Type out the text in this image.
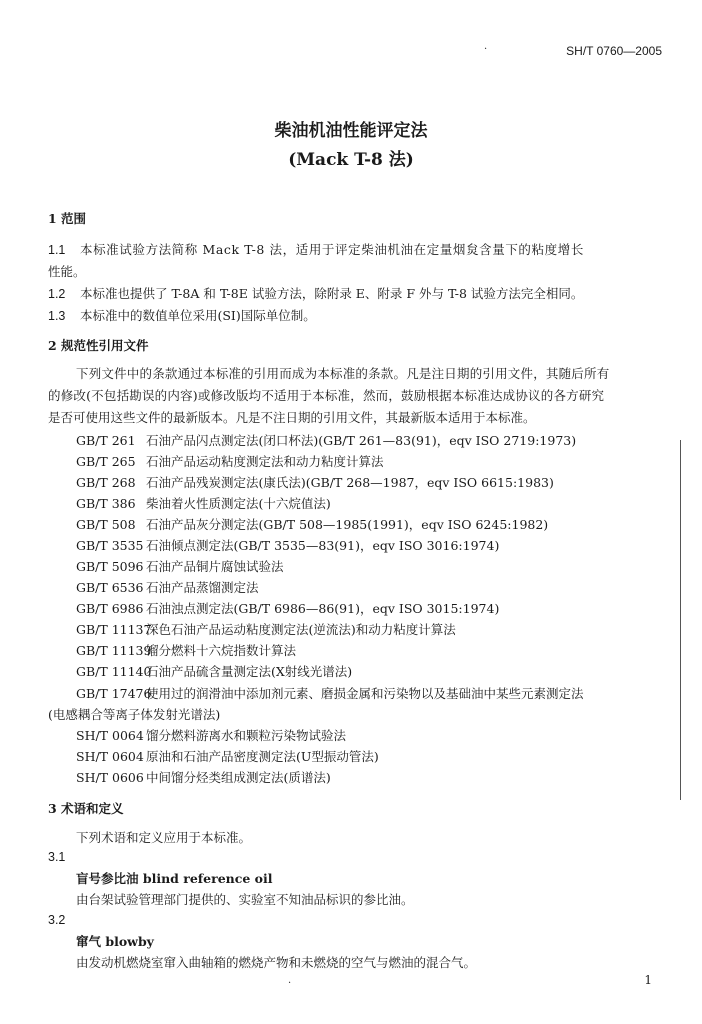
·	SH/T 0760—2005
柴油机油性能评定法
(Mack T-8 法)
1 范围
1.1 本标准试验方法简称 Mack T-8 法，适用于评定柴油机油在定量烟炱含量下的粘度增长
性能。
1.2 本标准也提供了 T-8A 和 T-8E 试验方法，除附录 E、附录 F 外与 T-8 试验方法完全相同。
1.3 本标准中的数值单位采用(SI)国际单位制。
2 规范性引用文件
下列文件中的条款通过本标准的引用而成为本标准的条款。凡是注日期的引用文件，其随后所有
的修改(不包括勘误的内容)或修改版均不适用于本标准，然而，鼓励根据本标准达成协议的各方研究
是否可使用这些文件的最新版本。凡是不注日期的引用文件，其最新版本适用于本标准。
GB/T 261 石油产品闪点测定法(闭口杯法)(GB/T 261—83(91)，eqv ISO 2719:1973)
GB/T 265 石油产品运动粘度测定法和动力粘度计算法
GB/T 268 石油产品残炭测定法(康氏法)(GB/T 268—1987，eqv ISO 6615:1983)
GB/T 386 柴油着火性质测定法(十六烷值法)
GB/T 508 石油产品灰分测定法(GB/T 508—1985(1991)，eqv ISO 6245:1982)
GB/T 3535 石油倾点测定法(GB/T 3535—83(91)，eqv ISO 3016:1974)
GB/T 5096 石油产品铜片腐蚀试验法
GB/T 6536 石油产品蒸馏测定法
GB/T 6986 石油浊点测定法(GB/T 6986—86(91)，eqv ISO 3015:1974)
GB/T 11137深色石油产品运动粘度测定法(逆流法)和动力粘度计算法
GB/T 11139馏分燃料十六烷指数计算法
GB/T 11140石油产品硫含量测定法(X射线光谱法)
GB/T 17476使用过的润滑油中添加剂元素、磨损金属和污染物以及基础油中某些元素测定法
(电感耦合等离子体发射光谱法)
SH/T 0064 馏分燃料游离水和颗粒污染物试验法
SH/T 0604 原油和石油产品密度测定法(U型振动管法)
SH/T 0606 中间馏分烃类组成测定法(质谱法)
3 术语和定义
下列术语和定义应用于本标准。
3.1
盲号参比油 blind reference oil
由台架试验管理部门提供的、实验室不知油品标识的参比油。
3.2
窜气 blowby
由发动机燃烧室窜入曲轴箱的燃烧产物和未燃烧的空气与燃油的混合气。
·	1
